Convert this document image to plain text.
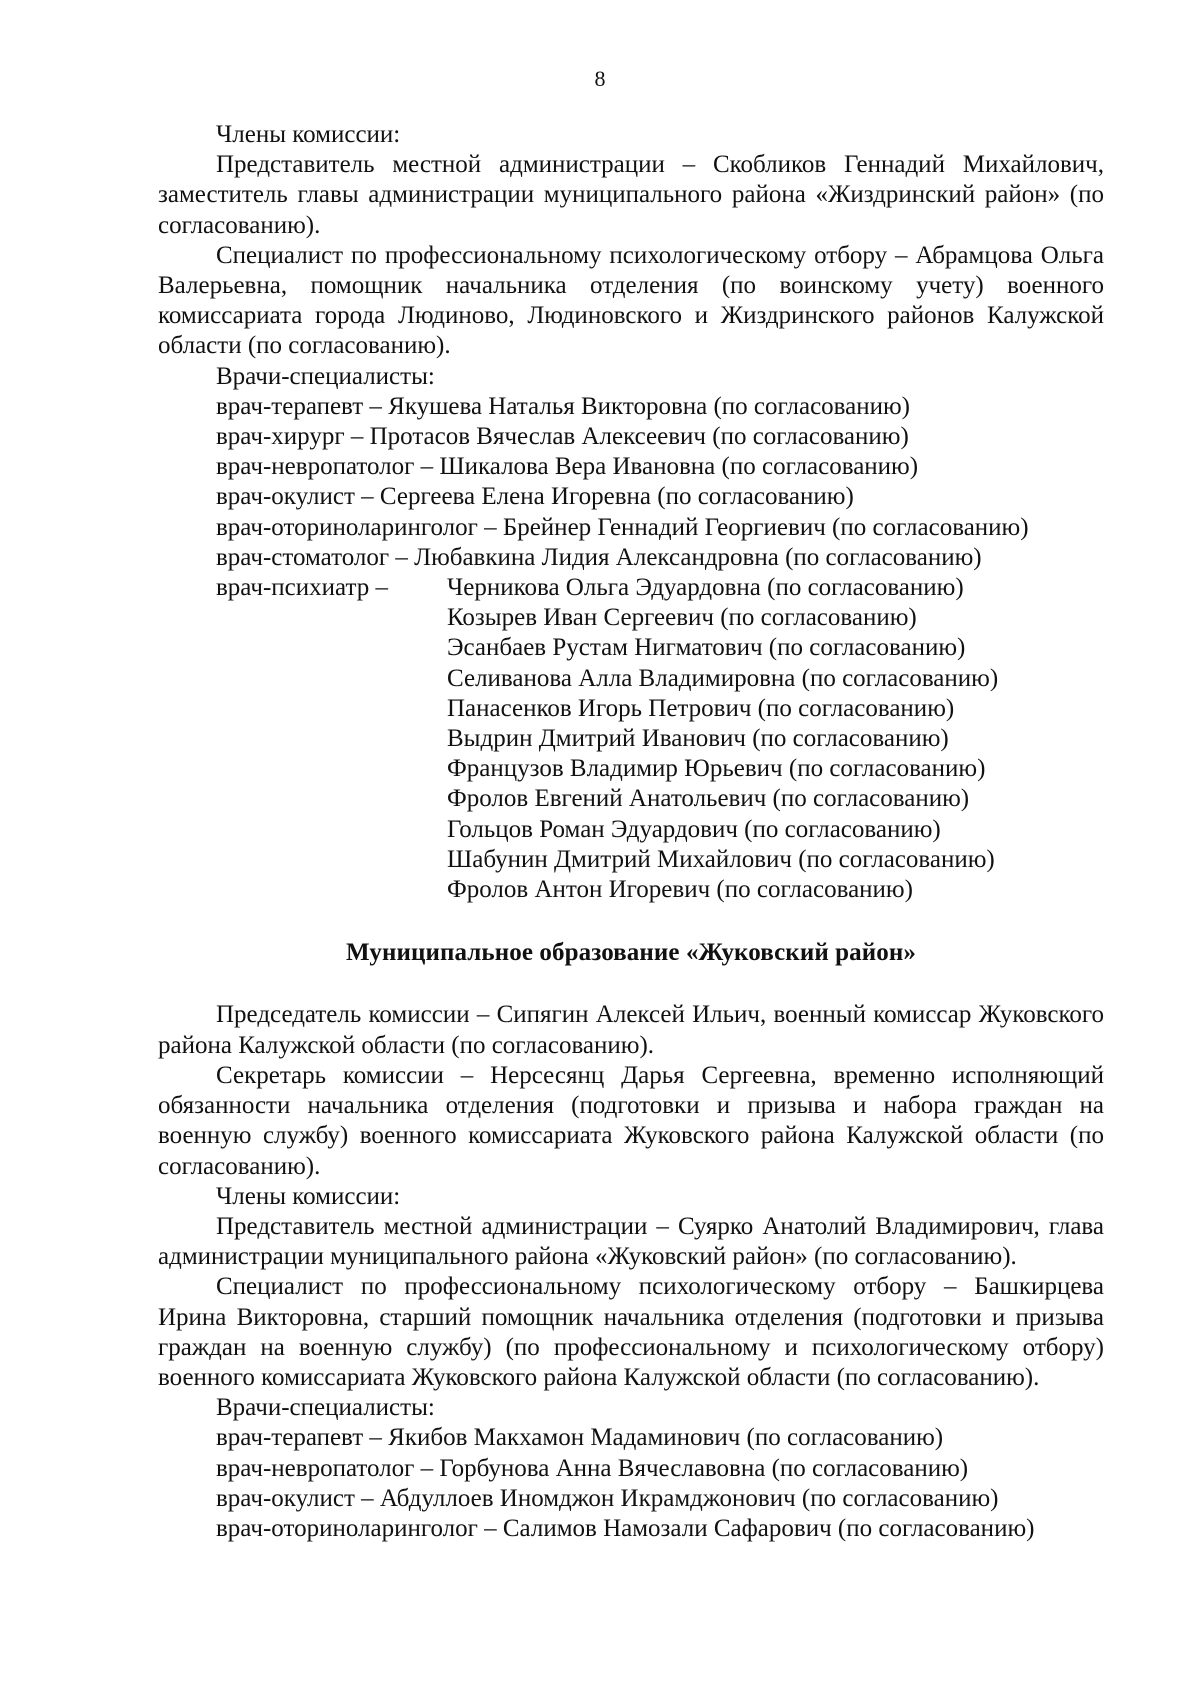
8

Члены комиссии:

Представитель местной администрации – Скобликов Геннадий Михайлович, заместитель главы администрации муниципального района «Жиздринский район» (по согласованию).

Специалист по профессиональному психологическому отбору – Абрамцова Ольга Валерьевна, помощник начальника отделения (по воинскому учету) военного комиссариата города Людиново, Людиновского и Жиздринского районов Калужской области (по согласованию).

Врачи-специалисты:

врач-терапевт – Якушева Наталья Викторовна (по согласованию)

врач-хирург – Протасов Вячеслав Алексеевич (по согласованию)

врач-невропатолог – Шикалова Вера Ивановна (по согласованию)

врач-окулист – Сергеева Елена Игоревна (по согласованию)

врач-оториноларинголог – Брейнер Геннадий Георгиевич (по согласованию)

врач-стоматолог – Любавкина Лидия Александровна (по согласованию)

врач-психиатр –	Черникова Ольга Эдуардовна (по согласованию)

Козырев Иван Сергеевич (по согласованию)

Эсанбаев Рустам Нигматович (по согласованию)

Селиванова Алла Владимировна (по согласованию)

Панасенков Игорь Петрович (по согласованию)

Выдрин Дмитрий Иванович (по согласованию)

Французов Владимир Юрьевич (по согласованию)

Фролов Евгений Анатольевич (по согласованию)

Гольцов Роман Эдуардович (по согласованию)

Шабунин Дмитрий Михайлович (по согласованию)

Фролов Антон Игоревич (по согласованию)

Муниципальное образование «Жуковский район»

Председатель комиссии – Сипягин Алексей Ильич, военный комиссар Жуковского района Калужской области (по согласованию).

Секретарь комиссии – Нерсесянц Дарья Сергеевна, временно исполняющий обязанности начальника отделения (подготовки и призыва и набора граждан на военную службу) военного комиссариата Жуковского района Калужской области (по согласованию).

Члены комиссии:

Представитель местной администрации – Суярко Анатолий Владимирович, глава администрации муниципального района «Жуковский район» (по согласованию).

Специалист по профессиональному психологическому отбору – Башкирцева Ирина Викторовна, старший помощник начальника отделения (подготовки и призыва граждан на военную службу) (по профессиональному и психологическому отбору) военного комиссариата Жуковского района Калужской области (по согласованию).

Врачи-специалисты:

врач-терапевт – Якибов Макхамон Мадаминович (по согласованию)

врач-невропатолог – Горбунова Анна Вячеславовна (по согласованию)

врач-окулист – Абдуллоев Иномджон Икрамджонович (по согласованию)

врач-оториноларинголог – Салимов Намозали Сафарович (по согласованию)
